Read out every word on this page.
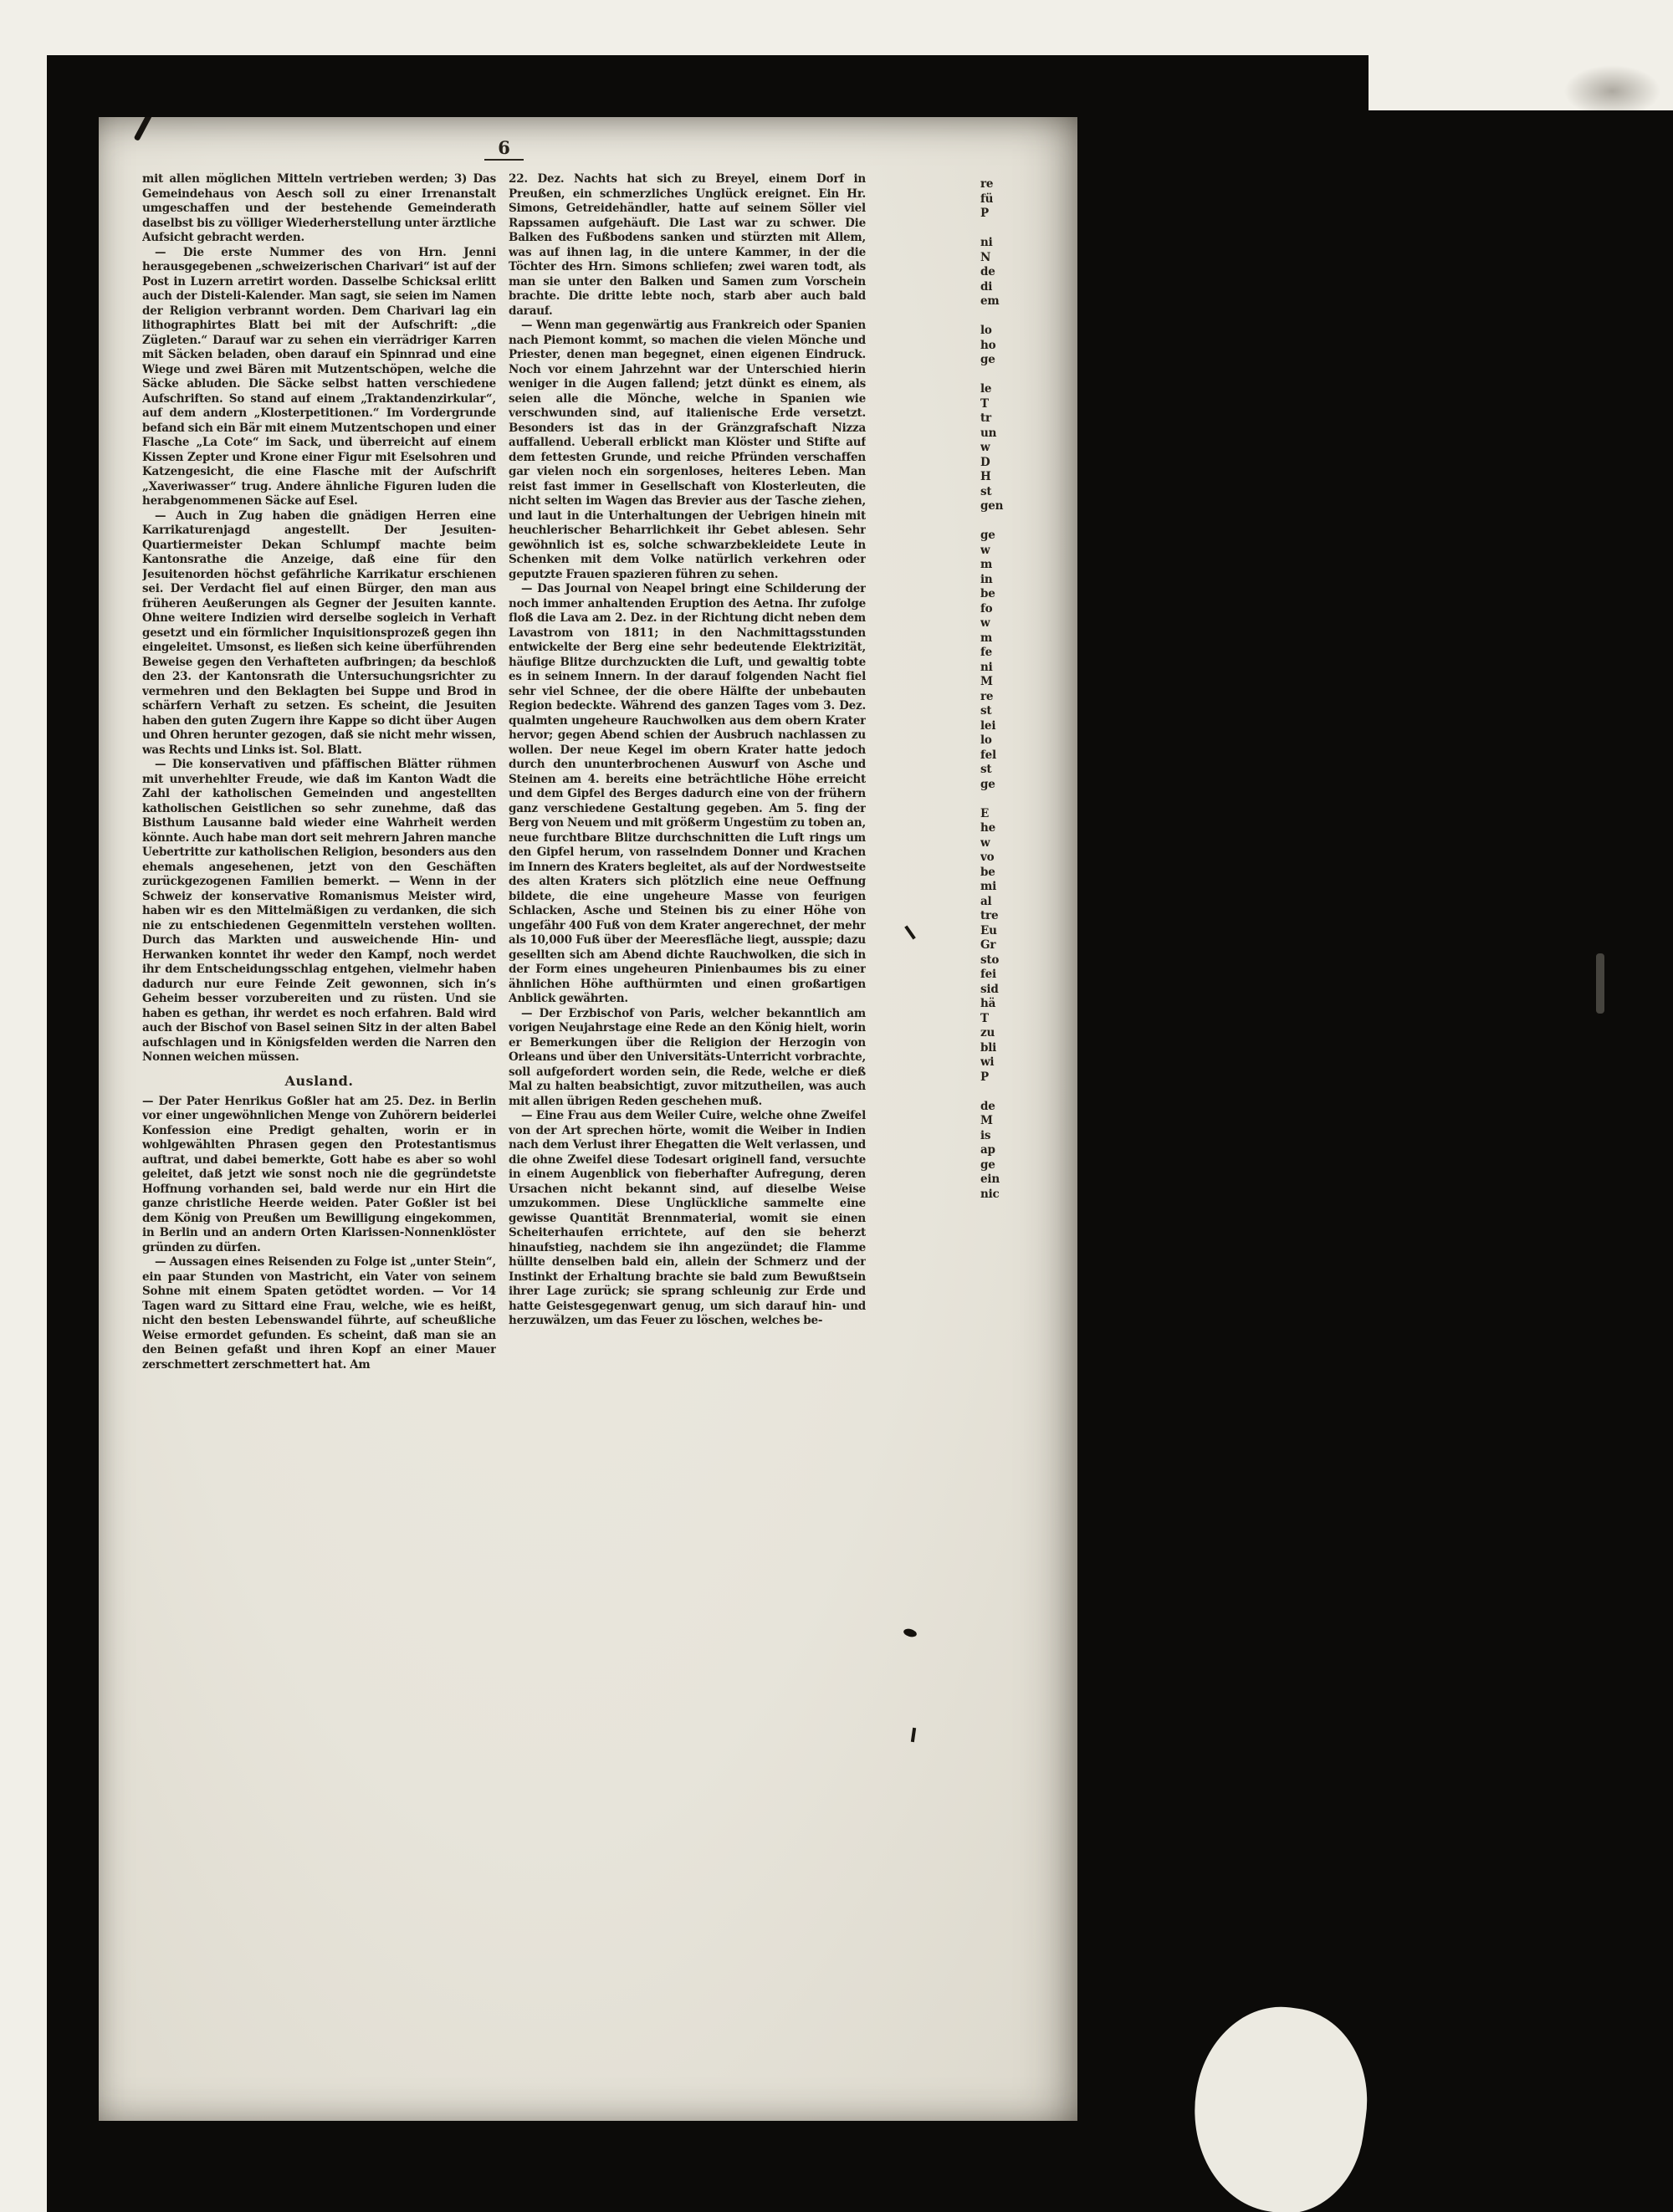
6
mit allen möglichen Mitteln vertrieben werden; 3) Das Gemeindehaus von Aesch soll zu einer Irrenanstalt umgeschaffen und der bestehende Gemeinderath daselbst bis zu völliger Wiederherstellung unter ärztliche Aufsicht gebracht werden.
— Die erste Nummer des von Hrn. Jenni herausgegebenen „schweizerischen Charivari“ ist auf der Post in Luzern arretirt worden. Dasselbe Schicksal erlitt auch der Disteli-Kalender. Man sagt, sie seien im Namen der Religion verbrannt worden. Dem Charivari lag ein lithographirtes Blatt bei mit der Aufschrift: „die Zügleten.“ Darauf war zu sehen ein vierrädriger Karren mit Säcken beladen, oben darauf ein Spinnrad und eine Wiege und zwei Bären mit Mutzentschöpen, welche die Säcke abluden. Die Säcke selbst hatten verschiedene Aufschriften. So stand auf einem „Traktandenzirkular“, auf dem andern „Klosterpetitionen.“ Im Vordergrunde befand sich ein Bär mit einem Mutzentschopen und einer Flasche „La Cote“ im Sack, und überreicht auf einem Kissen Zepter und Krone einer Figur mit Eselsohren und Katzengesicht, die eine Flasche mit der Aufschrift „Xaveriwasser“ trug. Andere ähnliche Figuren luden die herabgenommenen Säcke auf Esel.
— Auch in Zug haben die gnädigen Herren eine Karrikaturenjagd angestellt. Der Jesuiten-Quartiermeister Dekan Schlumpf machte beim Kantonsrathe die Anzeige, daß eine für den Jesuitenorden höchst gefährliche Karrikatur erschienen sei. Der Verdacht fiel auf einen Bürger, den man aus früheren Aeußerungen als Gegner der Jesuiten kannte. Ohne weitere Indizien wird derselbe sogleich in Verhaft gesetzt und ein förmlicher Inquisitionsprozeß gegen ihn eingeleitet. Umsonst, es ließen sich keine überführenden Beweise gegen den Verhafteten aufbringen; da beschloß den 23. der Kantonsrath die Untersuchungsrichter zu vermehren und den Beklagten bei Suppe und Brod in schärfern Verhaft zu setzen. Es scheint, die Jesuiten haben den guten Zugern ihre Kappe so dicht über Augen und Ohren herunter gezogen, daß sie nicht mehr wissen, was Rechts und Links ist. Sol. Blatt.
— Die konservativen und pfäffischen Blätter rühmen mit unverhehlter Freude, wie daß im Kanton Wadt die Zahl der katholischen Gemeinden und angestellten katholischen Geistlichen so sehr zunehme, daß das Bisthum Lausanne bald wieder eine Wahrheit werden könnte. Auch habe man dort seit mehrern Jahren manche Uebertritte zur katholischen Religion, besonders aus den ehemals angesehenen, jetzt von den Geschäften zurückgezogenen Familien bemerkt. — Wenn in der Schweiz der konservative Romanismus Meister wird, haben wir es den Mittelmäßigen zu verdanken, die sich nie zu entschiedenen Gegenmitteln verstehen wollten. Durch das Markten und ausweichende Hin- und Herwanken konntet ihr weder den Kampf, noch werdet ihr dem Entscheidungsschlag entgehen, vielmehr haben dadurch nur eure Feinde Zeit gewonnen, sich in’s Geheim besser vorzubereiten und zu rüsten. Und sie haben es gethan, ihr werdet es noch erfahren. Bald wird auch der Bischof von Basel seinen Sitz in der alten Babel aufschlagen und in Königsfelden werden die Narren den Nonnen weichen müssen.
Ausland.
— Der Pater Henrikus Goßler hat am 25. Dez. in Berlin vor einer ungewöhnlichen Menge von Zuhörern beiderlei Konfession eine Predigt gehalten, worin er in wohlgewählten Phrasen gegen den Protestantismus auftrat, und dabei bemerkte, Gott habe es aber so wohl geleitet, daß jetzt wie sonst noch nie die gegründetste Hoffnung vorhanden sei, bald werde nur ein Hirt die ganze christliche Heerde weiden. Pater Goßler ist bei dem König von Preußen um Bewilligung eingekommen, in Berlin und an andern Orten Klarissen-Nonnenklöster gründen zu dürfen.
— Aussagen eines Reisenden zu Folge ist „unter Stein“, ein paar Stunden von Mastricht, ein Vater von seinem Sohne mit einem Spaten getödtet worden. — Vor 14 Tagen ward zu Sittard eine Frau, welche, wie es heißt, nicht den besten Lebenswandel führte, auf scheußliche Weise ermordet gefunden. Es scheint, daß man sie an den Beinen gefaßt und ihren Kopf an einer Mauer zerschmettert zerschmettert hat. Am
22. Dez. Nachts hat sich zu Breyel, einem Dorf in Preußen, ein schmerzliches Unglück ereignet. Ein Hr. Simons, Getreidehändler, hatte auf seinem Söller viel Rapssamen aufgehäuft. Die Last war zu schwer. Die Balken des Fußbodens sanken und stürzten mit Allem, was auf ihnen lag, in die untere Kammer, in der die Töchter des Hrn. Simons schliefen; zwei waren todt, als man sie unter den Balken und Samen zum Vorschein brachte. Die dritte lebte noch, starb aber auch bald darauf.
— Wenn man gegenwärtig aus Frankreich oder Spanien nach Piemont kommt, so machen die vielen Mönche und Priester, denen man begegnet, einen eigenen Eindruck. Noch vor einem Jahrzehnt war der Unterschied hierin weniger in die Augen fallend; jetzt dünkt es einem, als seien alle die Mönche, welche in Spanien wie verschwunden sind, auf italienische Erde versetzt. Besonders ist das in der Gränzgrafschaft Nizza auffallend. Ueberall erblickt man Klöster und Stifte auf dem fettesten Grunde, und reiche Pfründen verschaffen gar vielen noch ein sorgenloses, heiteres Leben. Man reist fast immer in Gesellschaft von Klosterleuten, die nicht selten im Wagen das Brevier aus der Tasche ziehen, und laut in die Unterhaltungen der Uebrigen hinein mit heuchlerischer Beharrlichkeit ihr Gebet ablesen. Sehr gewöhnlich ist es, solche schwarzbekleidete Leute in Schenken mit dem Volke natürlich verkehren oder geputzte Frauen spazieren führen zu sehen.
— Das Journal von Neapel bringt eine Schilderung der noch immer anhaltenden Eruption des Aetna. Ihr zufolge floß die Lava am 2. Dez. in der Richtung dicht neben dem Lavastrom von 1811; in den Nachmittagsstunden entwickelte der Berg eine sehr bedeutende Elektrizität, häufige Blitze durchzuckten die Luft, und gewaltig tobte es in seinem Innern. In der darauf folgenden Nacht fiel sehr viel Schnee, der die obere Hälfte der unbebauten Region bedeckte. Während des ganzen Tages vom 3. Dez. qualmten ungeheure Rauchwolken aus dem obern Krater hervor; gegen Abend schien der Ausbruch nachlassen zu wollen. Der neue Kegel im obern Krater hatte jedoch durch den ununterbrochenen Auswurf von Asche und Steinen am 4. bereits eine beträchtliche Höhe erreicht und dem Gipfel des Berges dadurch eine von der frühern ganz verschiedene Gestaltung gegeben. Am 5. fing der Berg von Neuem und mit größerm Ungestüm zu toben an, neue furchtbare Blitze durchschnitten die Luft rings um den Gipfel herum, von rasselndem Donner und Krachen im Innern des Kraters begleitet, als auf der Nordwestseite des alten Kraters sich plötzlich eine neue Oeffnung bildete, die eine ungeheure Masse von feurigen Schlacken, Asche und Steinen bis zu einer Höhe von ungefähr 400 Fuß von dem Krater angerechnet, der mehr als 10,000 Fuß über der Meeresfläche liegt, ausspie; dazu gesellten sich am Abend dichte Rauchwolken, die sich in der Form eines ungeheuren Pinienbaumes bis zu einer ähnlichen Höhe aufthürmten und einen großartigen Anblick gewährten.
— Der Erzbischof von Paris, welcher bekanntlich am vorigen Neujahrstage eine Rede an den König hielt, worin er Bemerkungen über die Religion der Herzogin von Orleans und über den Universitäts-Unterricht vorbrachte, soll aufgefordert worden sein, die Rede, welche er dieß Mal zu halten beabsichtigt, zuvor mitzutheilen, was auch mit allen übrigen Reden geschehen muß.
— Eine Frau aus dem Weiler Cuire, welche ohne Zweifel von der Art sprechen hörte, womit die Weiber in Indien nach dem Verlust ihrer Ehegatten die Welt verlassen, und die ohne Zweifel diese Todesart originell fand, versuchte in einem Augenblick von fieberhafter Aufregung, deren Ursachen nicht bekannt sind, auf dieselbe Weise umzukommen. Diese Unglückliche sammelte eine gewisse Quantität Brennmaterial, womit sie einen Scheiterhaufen errichtete, auf den sie beherzt hinaufstieg, nachdem sie ihn angezündet; die Flamme hüllte denselben bald ein, allein der Schmerz und der Instinkt der Erhaltung brachte sie bald zum Bewußtsein ihrer Lage zurück; sie sprang schleunig zur Erde und hatte Geistesgegenwart genug, um sich darauf hin- und herzuwälzen, um das Feuer zu löschen, welches be-
re
fü
P
ni
N
de
di
em
lo
ho
ge
le
T
tr
un
w
D
H
st
gen
ge
w
m
in
be
fo
w
m
fe
ni
M
re
st
lei
lo
fel
st
ge
E
he
w
vo
be
mi
al
tre
Eu
Gr
sto
fei
sid
hä
T
zu
bli
wi
P
de
M
is
ap
ge
ein
nic
